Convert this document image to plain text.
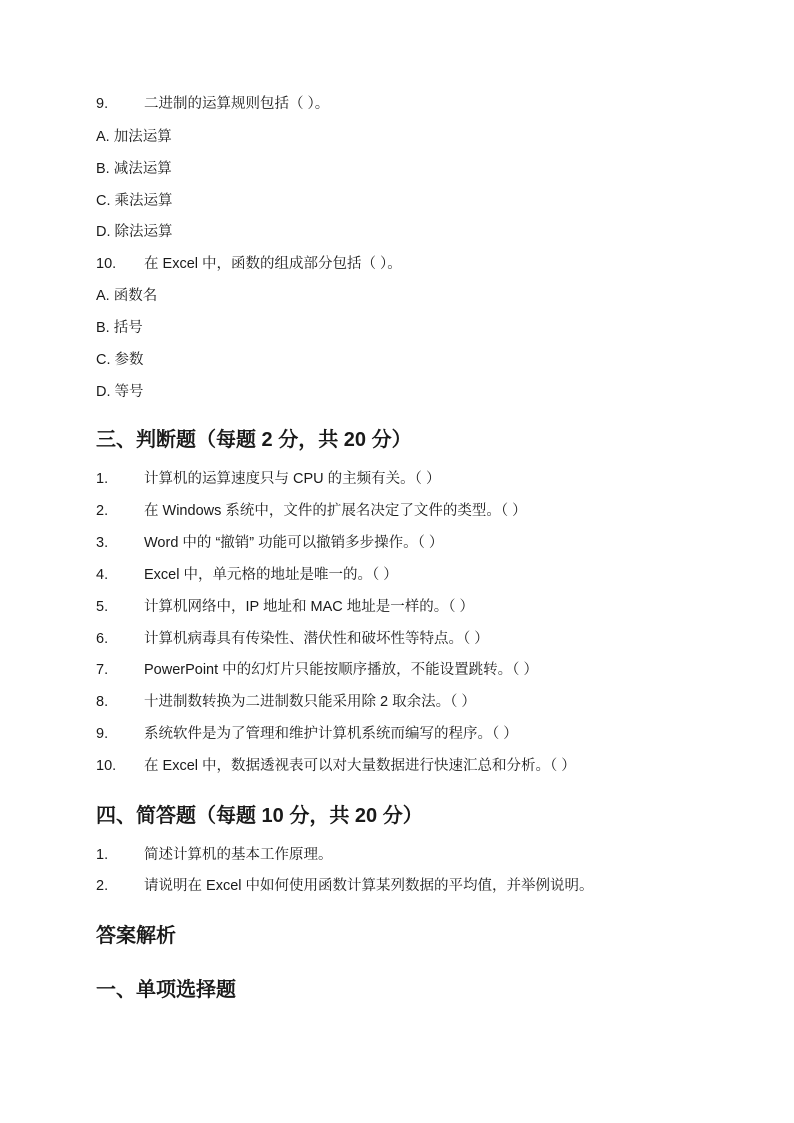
9. 二进制的运算规则包括（ ）。
A. 加法运算
B. 减法运算
C. 乘法运算
D. 除法运算
10. 在 Excel 中，函数的组成部分包括（ ）。
A. 函数名
B. 括号
C. 参数
D. 等号
三、判断题（每题 2 分，共 20 分）
1. 计算机的运算速度只与 CPU 的主频有关。（ ）
2. 在 Windows 系统中，文件的扩展名决定了文件的类型。（ ）
3. Word 中的 “撤销” 功能可以撤销多步操作。（ ）
4. Excel 中，单元格的地址是唯一的。（ ）
5. 计算机网络中，IP 地址和 MAC 地址是一样的。（ ）
6. 计算机病毒具有传染性、潜伏性和破坏性等特点。（ ）
7. PowerPoint 中的幻灯片只能按顺序播放，不能设置跳转。（ ）
8. 十进制数转换为二进制数只能采用除 2 取余法。（ ）
9. 系统软件是为了管理和维护计算机系统而编写的程序。（ ）
10. 在 Excel 中，数据透视表可以对大量数据进行快速汇总和分析。（ ）
四、简答题（每题 10 分，共 20 分）
1. 简述计算机的基本工作原理。
2. 请说明在 Excel 中如何使用函数计算某列数据的平均值，并举例说明。
答案解析
一、单项选择题
